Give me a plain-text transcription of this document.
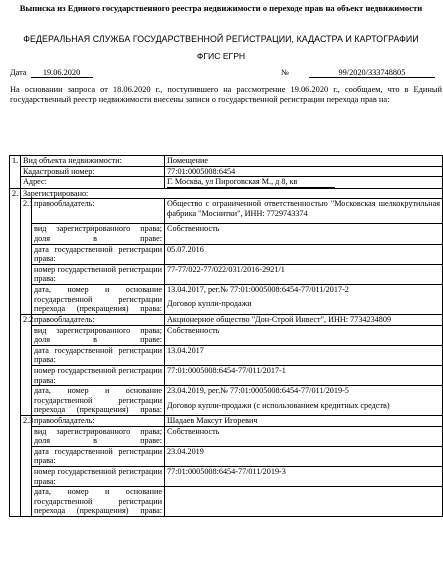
Выписка из Единого государственного реестра недвижимости о переходе прав на объект недвижимости
ФЕДЕРАЛЬНАЯ СЛУЖБА ГОСУДАРСТВЕННОЙ РЕГИСТРАЦИИ, КАДАСТРА И КАРТОГРАФИИ
ФГИС ЕГРН
Дата 19.06.2020	№	99/2020/333748805
На основании запроса от 18.06.2020 г., поступившего на рассмотрение 19.06.2020 г., сообщаем, что в Единый государственный реестр недвижимости внесены записи о государственной регистрации перехода прав на:
1.	Вид объекта недвижимости:		Помещение
	Кадастровый номер:		77:01:0005008:6454
	Адрес:		Г. Москва, ул Пироговская М., д 8, кв
2.	Зарегистрировано:		
	2.1	правообладатель:	Общество с ограниченной ответственностью "Московская шелкокрутильная фабрика "Моснитки", ИНН: 7729743374
		вид зарегистрированного права; доля в праве:	Собственность
		дата государственной регистрации права:	05.07.2016
		номер государственной регистрации права:	77-77/022-77/022/031/2016-2921/1
		дата, номер и основание государственной регистрации перехода (прекращения) права:	13.04.2017, рег.№ 77:01:0005008:6454-77/011/2017-2
			Договор купли-продажи
	2.2	правообладатель:	Акционерное общество "Дон-Строй Инвест", ИНН: 7734234809
		вид зарегистрированного права; доля в праве:	Собственность
		дата государственной регистрации права:	13.04.2017
		номер государственной регистрации права:	77:01:0005008:6454-77/011/2017-1
		дата, номер и основание государственной регистрации перехода (прекращения) права:	23.04.2019, рег.№ 77:01:0005008:6454-77/011/2019-5
			Договор купли-продажи (с использованием кредитных средств)
	2.3	правообладатель:	Шадаев Максут Игоревич
		вид зарегистрированного права; доля в праве:	Собственность
		дата государственной регистрации права:	23.04.2019
		номер государственной регистрации права:	77:01:0005008:6454-77/011/2019-3
		дата, номер и основание государственной регистрации перехода (прекращения) права:	
